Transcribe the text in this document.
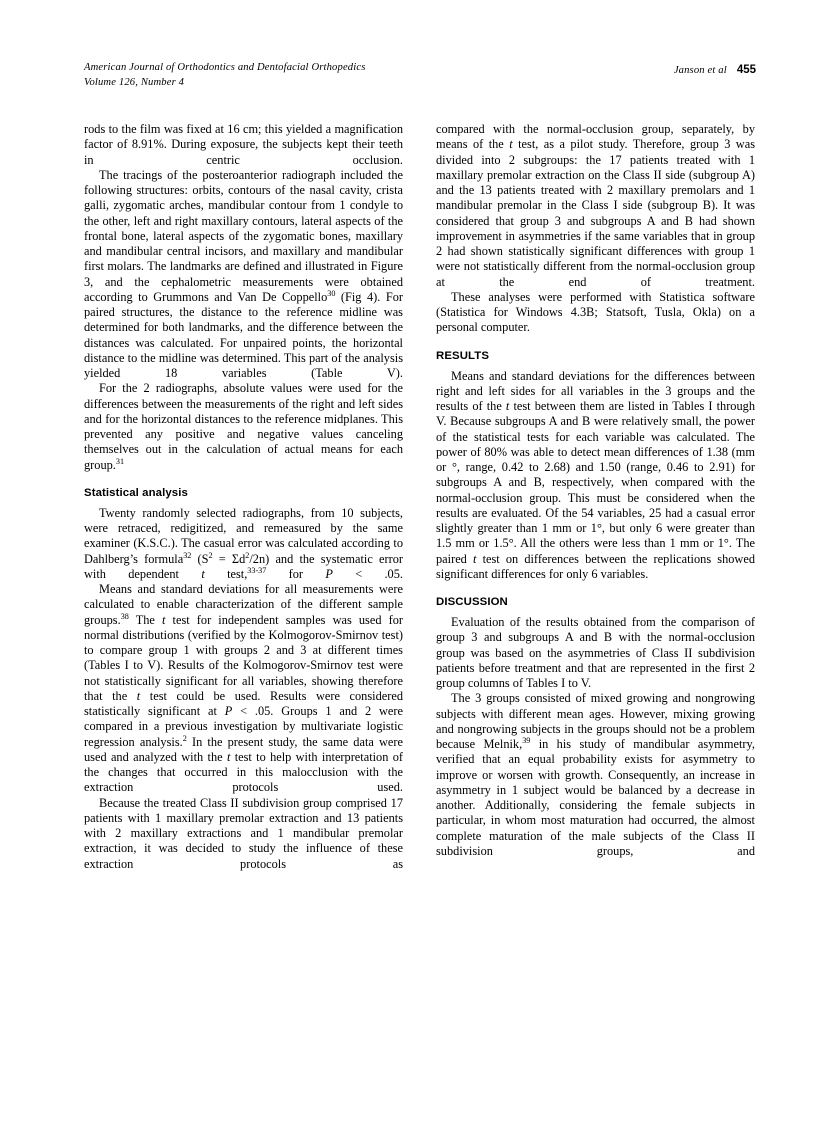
American Journal of Orthodontics and Dentofacial Orthopedics
Volume 126, Number 4
Janson et al 455

rods to the film was fixed at 16 cm; this yielded a magnification factor of 8.91%. During exposure, the subjects kept their teeth in centric occlusion.

The tracings of the posteroanterior radiograph included the following structures: orbits, contours of the nasal cavity, crista galli, zygomatic arches, mandibular contour from 1 condyle to the other, left and right maxillary contours, lateral aspects of the frontal bone, lateral aspects of the zygomatic bones, maxillary and mandibular central incisors, and maxillary and mandibular first molars. The landmarks are defined and illustrated in Figure 3, and the cephalometric measurements were obtained according to Grummons and Van De Coppello$^{30}$ (Fig 4). For paired structures, the distance to the reference midline was determined for both landmarks, and the difference between the distances was calculated. For unpaired points, the horizontal distance to the midline was determined. This part of the analysis yielded 18 variables (Table V).

For the 2 radiographs, absolute values were used for the differences between the measurements of the right and left sides and for the horizontal distances to the reference midplanes. This prevented any positive and negative values canceling themselves out in the calculation of actual means for each group.$^{31}$

Statistical analysis

Twenty randomly selected radiographs, from 10 subjects, were retraced, redigitized, and remeasured by the same examiner (K.S.C.). The casual error was calculated according to Dahlberg’s formula$^{32}$ $(S^2 = \Sigma d^2/2n)$ and the systematic error with dependent t test,$^{33-37}$ for P < .05.

Means and standard deviations for all measurements were calculated to enable characterization of the different sample groups.$^{38}$ The t test for independent samples was used for normal distributions (verified by the Kolmogorov-Smirnov test) to compare group 1 with groups 2 and 3 at different times (Tables I to V). Results of the Kolmogorov-Smirnov test were not statistically significant for all variables, showing therefore that the t test could be used. Results were considered statistically significant at P < .05. Groups 1 and 2 were compared in a previous investigation by multivariate logistic regression analysis.$^2$ In the present study, the same data were used and analyzed with the t test to help with interpretation of the changes that occurred in this malocclusion with the extraction protocols used.

Because the treated Class II subdivision group comprised 17 patients with 1 maxillary premolar extraction and 13 patients with 2 maxillary extractions and 1 mandibular premolar extraction, it was decided to study the influence of these extraction protocols as

compared with the normal-occlusion group, separately, by means of the t test, as a pilot study. Therefore, group 3 was divided into 2 subgroups: the 17 patients treated with 1 maxillary premolar extraction on the Class II side (subgroup A) and the 13 patients treated with 2 maxillary premolars and 1 mandibular premolar in the Class I side (subgroup B). It was considered that group 3 and subgroups A and B had shown improvement in asymmetries if the same variables that in group 2 had shown statistically significant differences with group 1 were not statistically different from the normal-occlusion group at the end of treatment.

These analyses were performed with Statistica software (Statistica for Windows 4.3B; Statsoft, Tusla, Okla) on a personal computer.

RESULTS

Means and standard deviations for the differences between right and left sides for all variables in the 3 groups and the results of the t test between them are listed in Tables I through V. Because subgroups A and B were relatively small, the power of the statistical tests for each variable was calculated. The power of 80% was able to detect mean differences of 1.38 (mm or °, range, 0.42 to 2.68) and 1.50 (range, 0.46 to 2.91) for subgroups A and B, respectively, when compared with the normal-occlusion group. This must be considered when the results are evaluated. Of the 54 variables, 25 had a casual error slightly greater than 1 mm or 1°, but only 6 were greater than 1.5 mm or 1.5°. All the others were less than 1 mm or 1°. The paired t test on differences between the replications showed significant differences for only 6 variables.

DISCUSSION

Evaluation of the results obtained from the comparison of group 3 and subgroups A and B with the normal-occlusion group was based on the asymmetries of Class II subdivision patients before treatment and that are represented in the first 2 group columns of Tables I to V.

The 3 groups consisted of mixed growing and nongrowing subjects with different mean ages. However, mixing growing and nongrowing subjects in the groups should not be a problem because Melnik,$^{39}$ in his study of mandibular asymmetry, verified that an equal probability exists for asymmetry to improve or worsen with growth. Consequently, an increase in asymmetry in 1 subject would be balanced by a decrease in another. Additionally, considering the female subjects in particular, in whom most maturation had occurred, the almost complete maturation of the male subjects of the Class II subdivision groups, and
